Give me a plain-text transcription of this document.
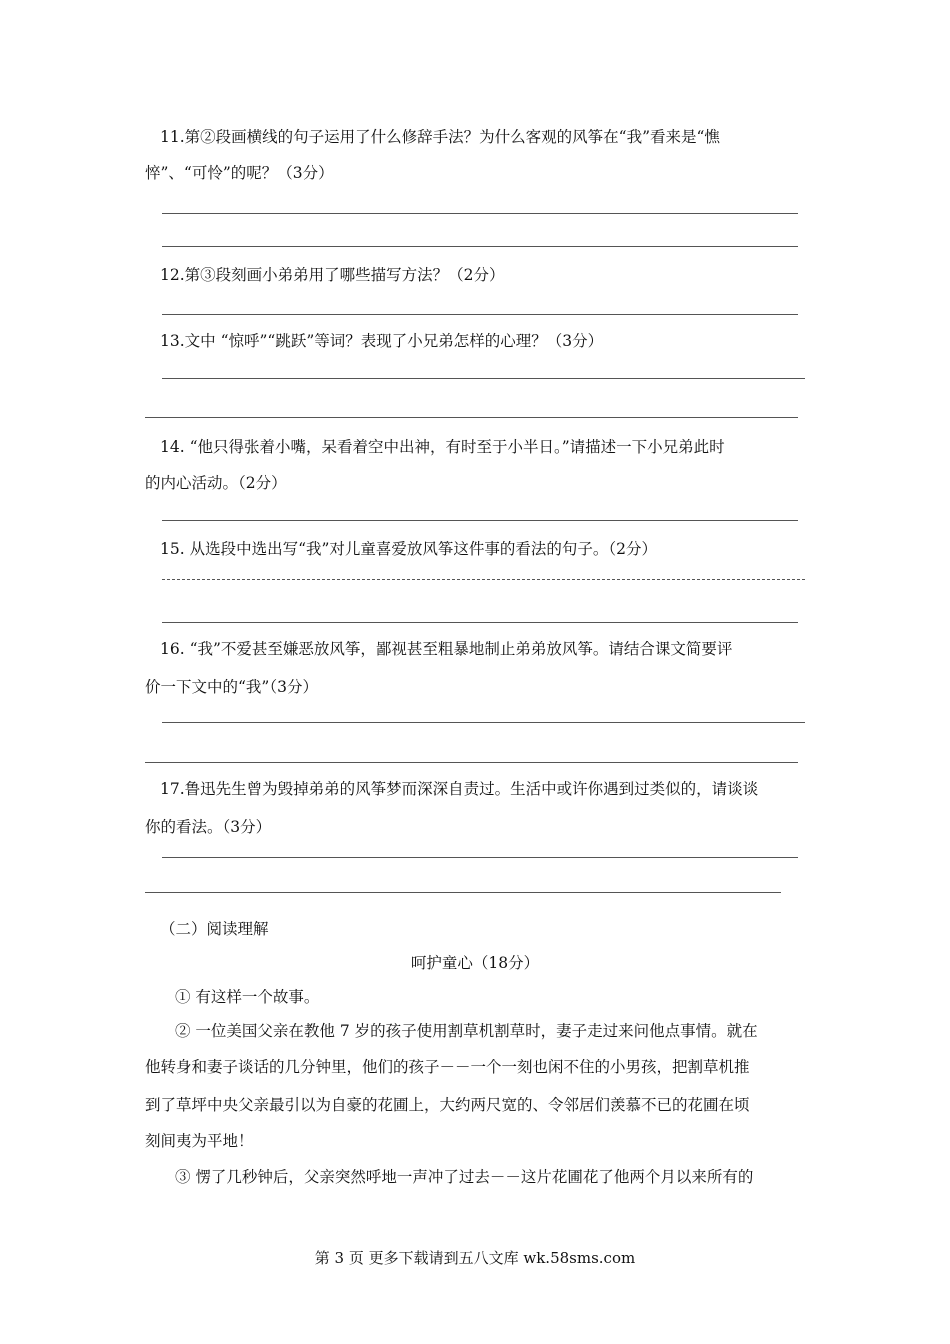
11.第②段画横线的句子运用了什么修辞手法？为什么客观的风筝在“我”看来是“憔
悴”、“可怜”的呢？（3分）
12.第③段刻画小弟弟用了哪些描写方法？（2分）
13.文中 “惊呼”“跳跃”等词？表现了小兄弟怎样的心理？（3分）
14. “他只得张着小嘴，呆看着空中出神，有时至于小半日。”请描述一下小兄弟此时
的内心活动。（2分）
15. 从选段中选出写“我”对儿童喜爱放风筝这件事的看法的句子。（2分）
16. “我”不爱甚至嫌恶放风筝，鄙视甚至粗暴地制止弟弟放风筝。请结合课文简要评
价一下文中的“我”（3分）
17.鲁迅先生曾为毁掉弟弟的风筝梦而深深自责过。生活中或许你遇到过类似的，请谈谈
你的看法。（3分）
（二）阅读理解
呵护童心（18分）
① 有这样一个故事。
② 一位美国父亲在教他 7 岁的孩子使用割草机割草时，妻子走过来问他点事情。就在
他转身和妻子谈话的几分钟里，他们的孩子－－一个一刻也闲不住的小男孩，把割草机推
到了草坪中央父亲最引以为自豪的花圃上，大约两尺宽的、令邻居们羡慕不已的花圃在顷
刻间夷为平地！
③ 愣了几秒钟后，父亲突然呼地一声冲了过去－－这片花圃花了他两个月以来所有的
第 3 页 更多下载请到五八文库 wk.58sms.com
